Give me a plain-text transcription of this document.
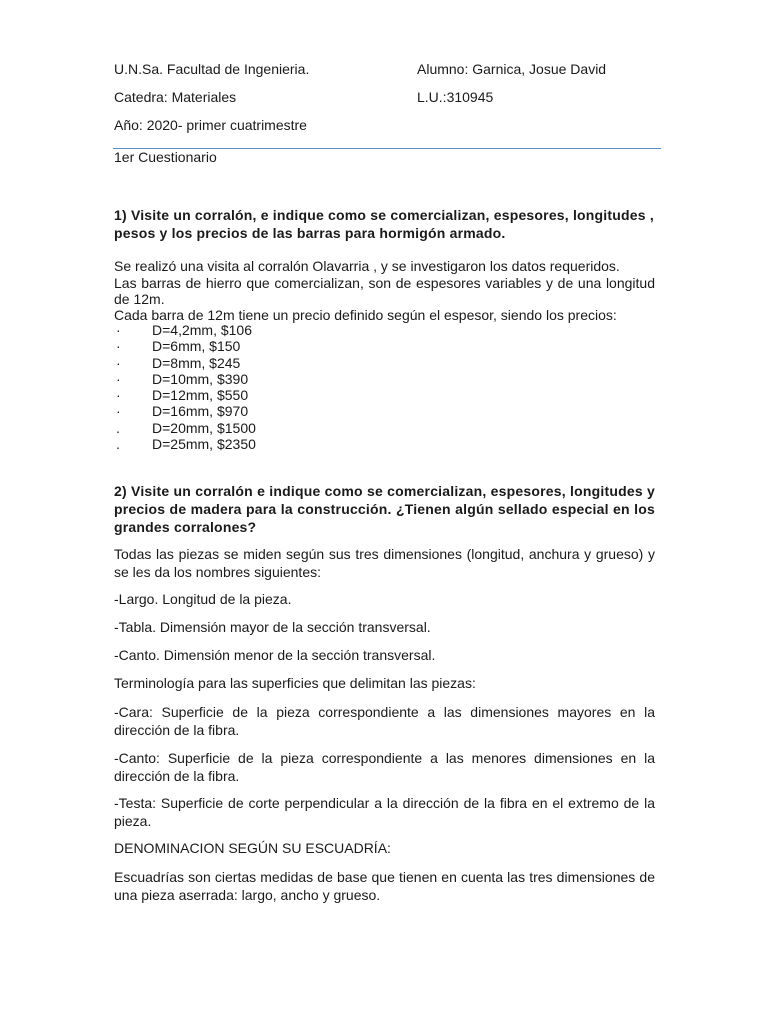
U.N.Sa. Facultad de Ingenieria.	Alumno: Garnica, Josue David
Catedra: Materiales	L.U.:310945
Año: 2020- primer cuatrimestre
1er Cuestionario
1) Visite un corralón, e indique como se comercializan, espesores, longitudes , pesos y los precios de las barras para hormigón armado.
Se realizó una visita al corralón Olavarria , y se investigaron los datos requeridos.
Las barras de hierro que comercializan, son de espesores variables y de una longitud de 12m.
Cada barra de 12m tiene un precio definido según el espesor, siendo los precios:
· D=4,2mm, $106
· D=6mm, $150
· D=8mm, $245
· D=10mm, $390
· D=12mm, $550
· D=16mm, $970
. D=20mm, $1500
. D=25mm, $2350
2) Visite un corralón e indique como se comercializan, espesores, longitudes y precios de madera para la construcción. ¿Tienen algún sellado especial en los grandes corralones?
Todas las piezas se miden según sus tres dimensiones (longitud, anchura y grueso) y se les da los nombres siguientes:
-Largo. Longitud de la pieza.
-Tabla. Dimensión mayor de la sección transversal.
-Canto. Dimensión menor de la sección transversal.
Terminología para las superficies que delimitan las piezas:
-Cara: Superficie de la pieza correspondiente a las dimensiones mayores en la dirección de la fibra.
-Canto: Superficie de la pieza correspondiente a las menores dimensiones en la dirección de la fibra.
-Testa: Superficie de corte perpendicular a la dirección de la fibra en el extremo de la pieza.
DENOMINACION SEGÚN SU ESCUADRÍA:
Escuadrías son ciertas medidas de base que tienen en cuenta las tres dimensiones de una pieza aserrada: largo, ancho y grueso.
